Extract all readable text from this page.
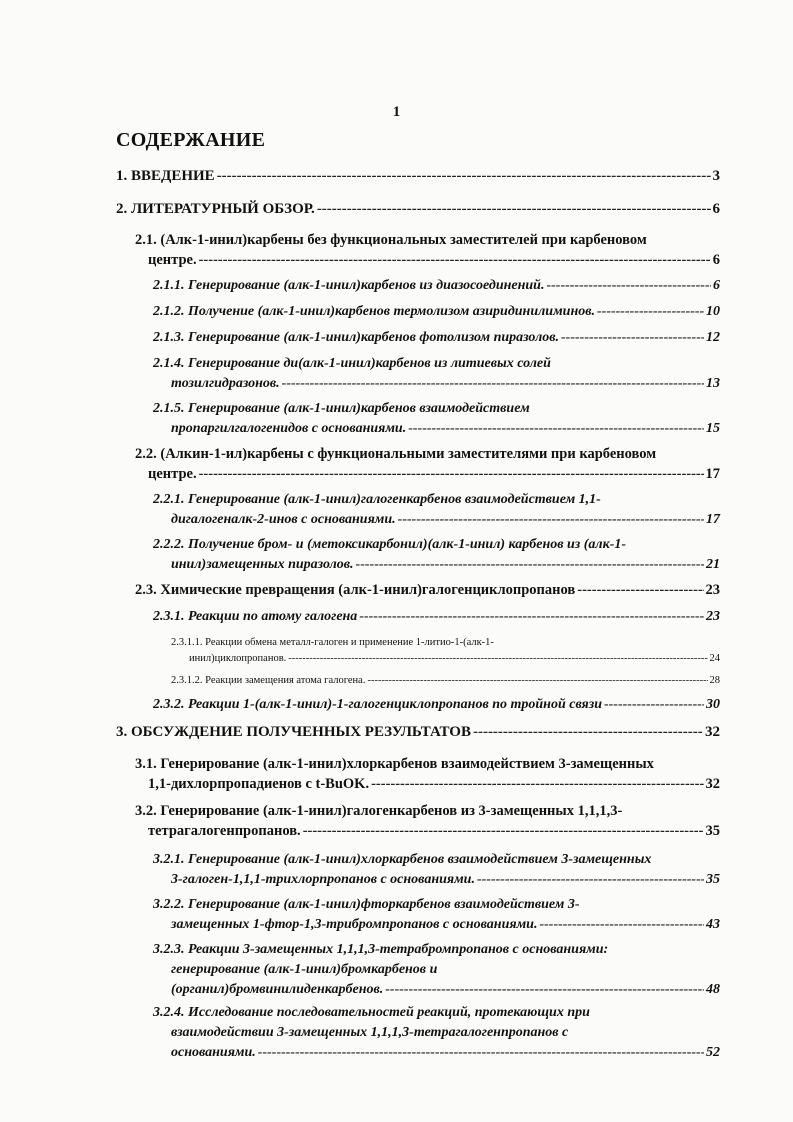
1
СОДЕРЖАНИЕ
1. ВВЕДЕНИЕ -----	3
2. ЛИТЕРАТУРНЫЙ ОБЗОР. -----	6
2.1. (Алк-1-инил)карбены без функциональных заместителей при карбеновом
центре. -----	6
2.1.1. Генерирование (алк-1-инил)карбенов из диазосоединений. -----	6
2.1.2. Получение (алк-1-инил)карбенов термолизом азиридинилиминов. -----	10
2.1.3. Генерирование (алк-1-инил)карбенов фотолизом пиразолов. -----	12
2.1.4. Генерирование ди(алк-1-инил)карбенов из литиевых солей
тозилгидразонов. -----	13
2.1.5. Генерирование (алк-1-инил)карбенов взаимодействием
пропаргилгалогенидов с основаниями. -----	15
2.2. (Алкин-1-ил)карбены с функциональными заместителями при карбеновом
центре. -----	17
2.2.1. Генерирование (алк-1-инил)галогенкарбенов взаимодействием 1,1-
дигалогеналк-2-инов с основаниями. -----	17
2.2.2. Получение бром- и (метоксикарбонил)(алк-1-инил) карбенов из (алк-1-
инил)замещенных пиразолов. -----	21
2.3. Химические превращения (алк-1-инил)галогенциклопропанов -----	23
2.3.1. Реакции по атому галогена -----	23
2.3.1.1. Реакции обмена металл-галоген и применение 1-литио-1-(алк-1-
инил)циклопропанов. -----	24
2.3.1.2. Реакции замещения атома галогена. -----	28
2.3.2. Реакции 1-(алк-1-инил)-1-галогенциклопропанов по тройной связи -----	30
3. ОБСУЖДЕНИЕ ПОЛУЧЕННЫХ РЕЗУЛЬТАТОВ -----	32
3.1. Генерирование (алк-1-инил)хлоркарбенов взаимодействием 3-замещенных
1,1-дихлорпропадиенов с t-BuOK. -----	32
3.2. Генерирование (алк-1-инил)галогенкарбенов из 3-замещенных 1,1,1,3-
тетрагалогенпропанов. -----	35
3.2.1. Генерирование (алк-1-инил)хлоркарбенов взаимодействием 3-замещенных
3-галоген-1,1,1-трихлорпропанов с основаниями. -----	35
3.2.2. Генерирование (алк-1-инил)фторкарбенов взаимодействием 3-
замещенных 1-фтор-1,3-трибромпропанов с основаниями. -----	43
3.2.3. Реакции 3-замещенных 1,1,1,3-тетрабромпропанов с основаниями:
генерирование (алк-1-инил)бромкарбенов и
(органил)бромвинилиденкарбенов. -----	48
3.2.4. Исследование последовательностей реакций, протекающих при
взаимодействии 3-замещенных 1,1,1,3-тетрагалогенпропанов с
основаниями. -----	52
